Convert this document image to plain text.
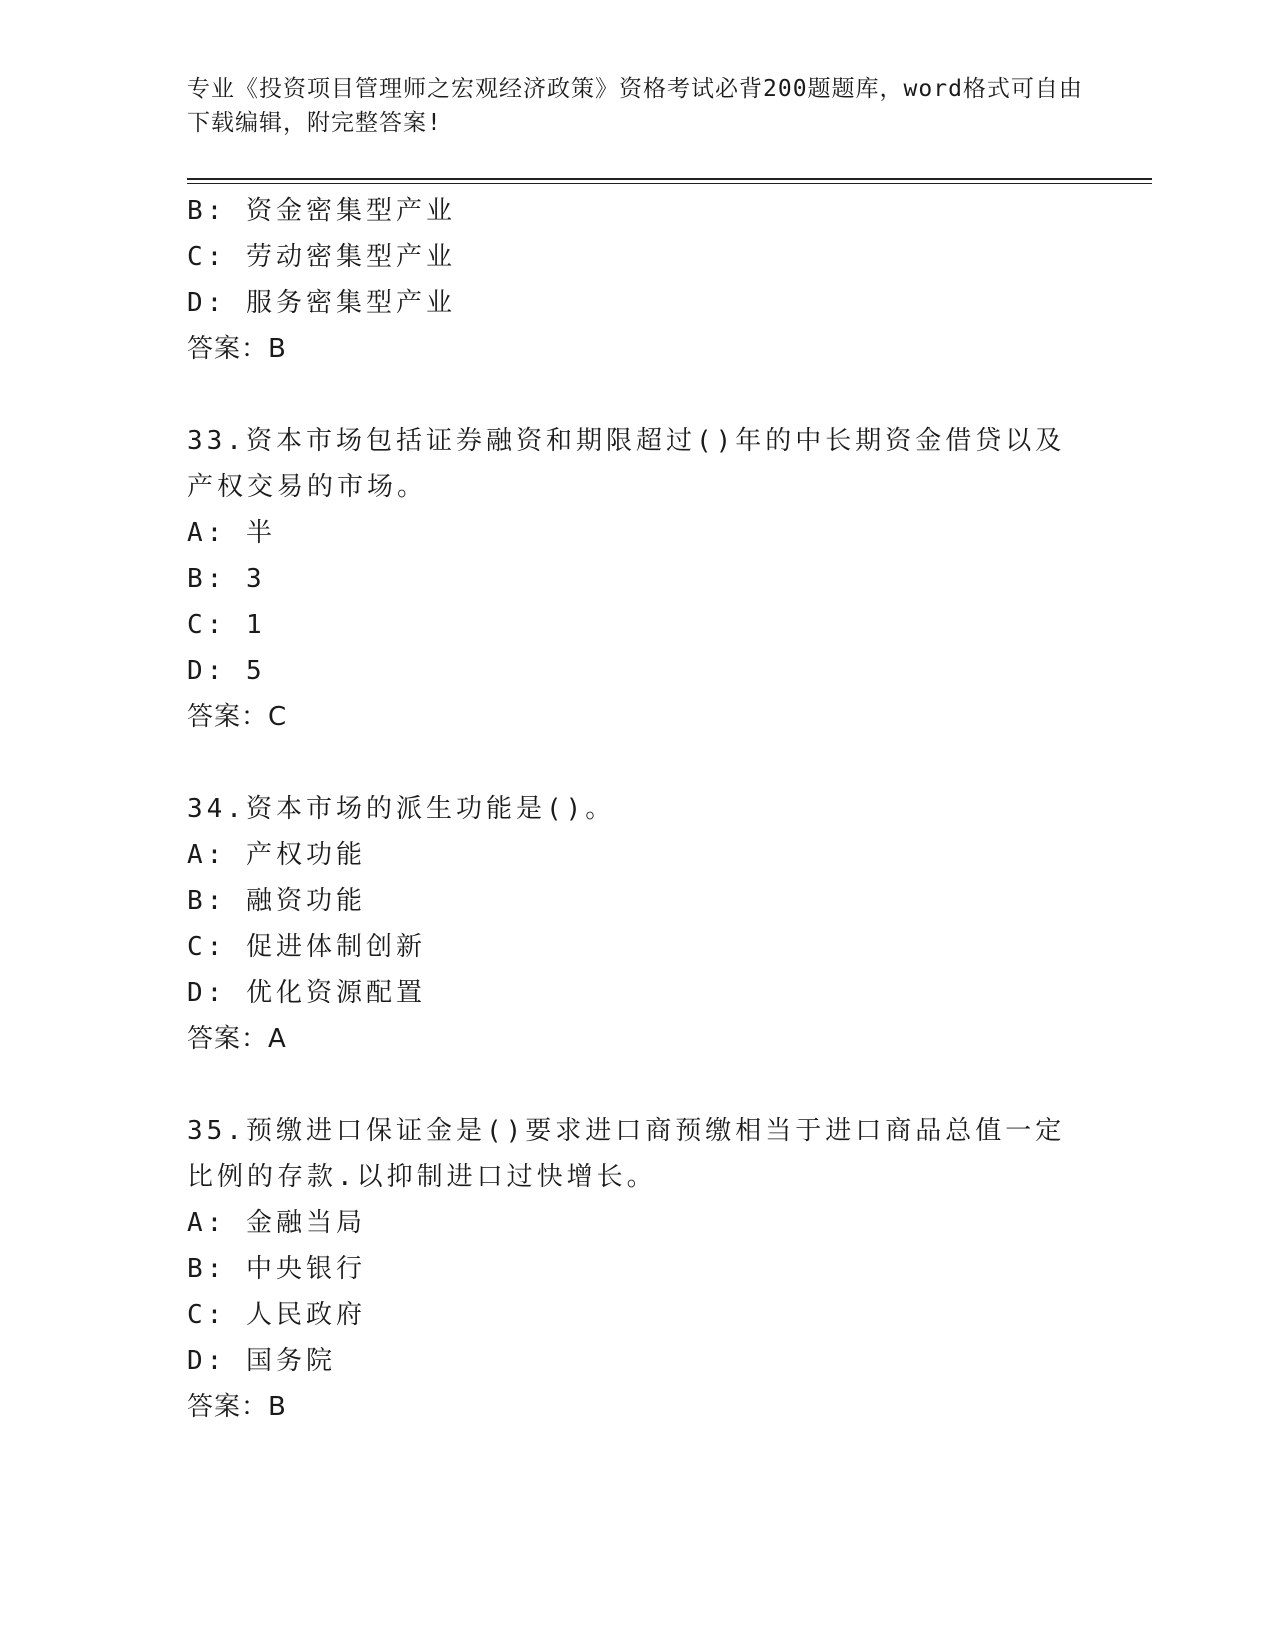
专业《投资项目管理师之宏观经济政策》资格考试必背200题题库，word格式可自由下载编辑，附完整答案!
B: 资金密集型产业
C: 劳动密集型产业
D: 服务密集型产业
答案：B
33.资本市场包括证券融资和期限超过()年的中长期资金借贷以及产权交易的市场。
A: 半
B: 3
C: 1
D: 5
答案：C
34.资本市场的派生功能是()。
A: 产权功能
B: 融资功能
C: 促进体制创新
D: 优化资源配置
答案：A
35.预缴进口保证金是()要求进口商预缴相当于进口商品总值一定比例的存款.以抑制进口过快增长。
A: 金融当局
B: 中央银行
C: 人民政府
D: 国务院
答案：B
